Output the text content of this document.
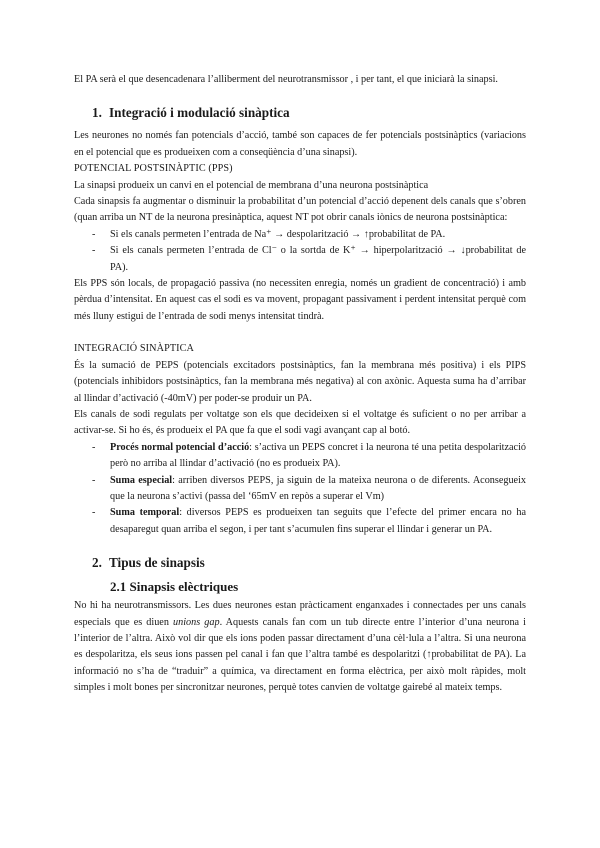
El PA serà el que desencadenara l’alliberment del neurotransmissor , i per tant, el que iniciarà la sinapsi.

1. Integració i modulació sinàptica

Les neurones no només fan potencials d’acció, també son capaces de fer potencials postsinàptics (variacions en el potencial que es produeixen com a conseqüència d’una sinapsi).

POTENCIAL POSTSINÀPTIC (PPS)

La sinapsi produeix un canvi en el potencial de membrana d’una neurona postsinàptica

Cada sinapsis fa augmentar o disminuir la probabilitat d’un potencial d’acció depenent dels canals que s’obren (quan arriba un NT de la neurona presinàptica, aquest NT pot obrir canals iònics de neurona postsinàptica:

- Si els canals permeten l’entrada de Na⁺ → despolarització → ↑probabilitat de PA.
- Si els canals permeten l’entrada de Cl⁻ o la sortda de K⁺ → hiperpolarització → ↓probabilitat de PA).

Els PPS són locals, de propagació passiva (no necessiten enregia, només un gradient de concentració) i amb pèrdua d’intensitat. En aquest cas el sodi es va movent, propagant passivament i perdent intensitat perquè com més lluny estigui de l’entrada de sodi menys intensitat tindrà.

INTEGRACIÓ SINÀPTICA

És la sumació de PEPS (potencials excitadors postsinàptics, fan la membrana més positiva) i els PIPS (potencials inhibidors postsinàptics, fan la membrana més negativa) al con axònic. Aquesta suma ha d’arribar al llindar d’activació (-40mV) per poder-se produir un PA.

Els canals de sodi regulats per voltatge son els que decideixen si el voltatge és suficient o no per arribar a activar-se. Si ho és, és produeix el PA que fa que el sodi vagi avançant cap al botó.

- Procés normal potencial d’acció: s’activa un PEPS concret i la neurona té una petita despolarització però no arriba al llindar d’activació (no es produeix PA).
- Suma especial: arriben diversos PEPS, ja siguin de la mateixa neurona o de diferents. Aconsegueix que la neurona s’activi (passa del ‘65mV en repòs a superar el Vm)
- Suma temporal: diversos PEPS es produeixen tan seguits que l’efecte del primer encara no ha desaparegut quan arriba el segon, i per tant s’acumulen fins superar el llindar i generar un PA.
2. Tipus de sinapsis
2.1 Sinapsis elèctriques

No hi ha neurotransmissors. Les dues neurones estan pràcticament enganxades i connectades per uns canals especials que es diuen unions gap. Aquests canals fan com un tub directe entre l’interior d’una neurona i l’interior de l’altra. Això vol dir que els ions poden passar directament d’una cèl·lula a l’altra. Si una neurona es despolaritza, els seus ions passen pel canal i fan que l’altra també es despolaritzi (↑probabilitat de PA). La informació no s’ha de “traduir” a química, va directament en forma elèctrica, per això molt ràpides, molt simples i molt bones per sincronitzar neurones, perquè totes canvien de voltatge gairebé al mateix temps.
